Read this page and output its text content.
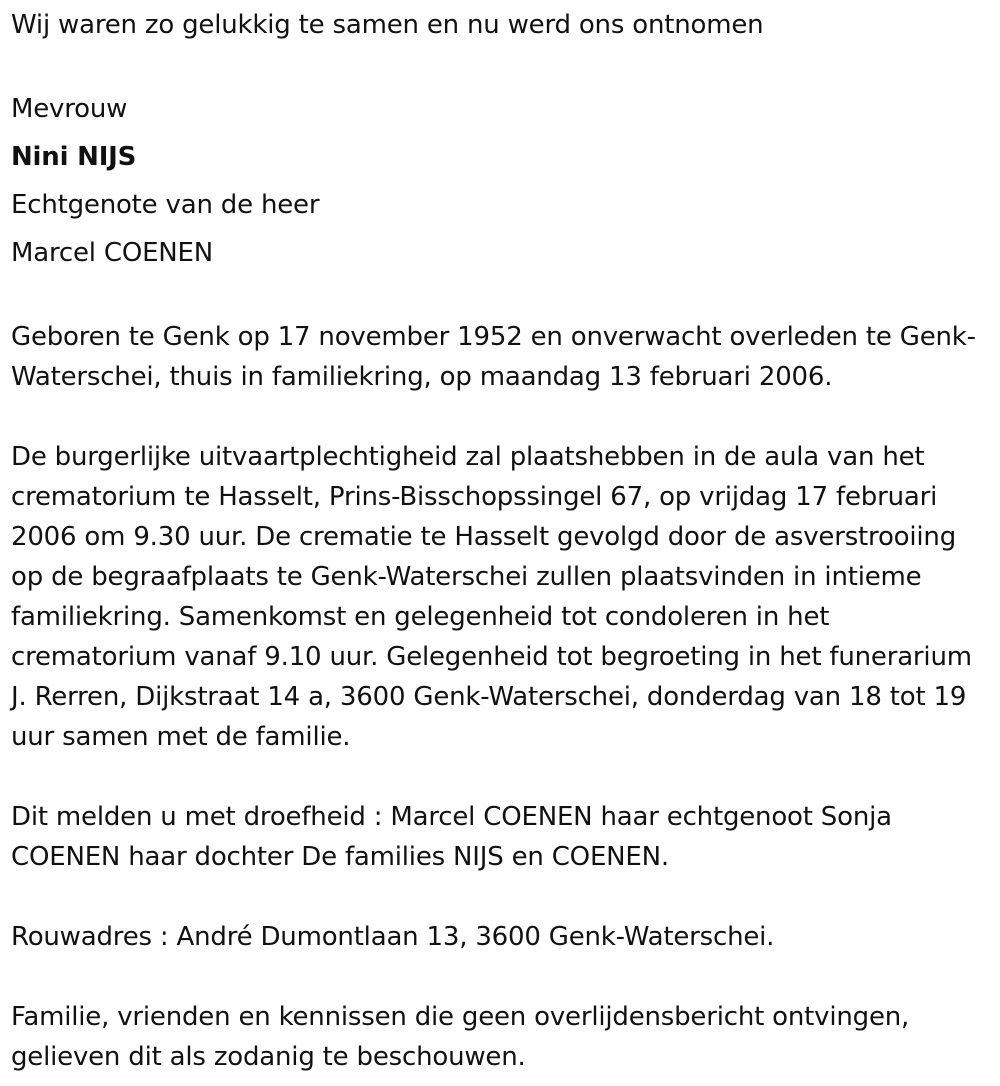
Wij waren zo gelukkig te samen en nu werd ons ontnomen

Mevrouw

Nini NIJS

Echtgenote van de heer

Marcel COENEN

Geboren te Genk op 17 november 1952 en onverwacht overleden te Genk-Waterschei, thuis in familiekring, op maandag 13 februari 2006.

De burgerlijke uitvaartplechtigheid zal plaatshebben in de aula van het crematorium te Hasselt, Prins-Bisschopssingel 67, op vrijdag 17 februari 2006 om 9.30 uur. De crematie te Hasselt gevolgd door de asverstrooiing op de begraafplaats te Genk-Waterschei zullen plaatsvinden in intieme familiekring. Samenkomst en gelegenheid tot condoleren in het crematorium vanaf 9.10 uur. Gelegenheid tot begroeting in het funerarium J. Rerren, Dijkstraat 14 a, 3600 Genk-Waterschei, donderdag van 18 tot 19 uur samen met de familie.

Dit melden u met droefheid : Marcel COENEN haar echtgenoot Sonja COENEN haar dochter De families NIJS en COENEN.

Rouwadres : André Dumontlaan 13, 3600 Genk-Waterschei.

Familie, vrienden en kennissen die geen overlijdensbericht ontvingen, gelieven dit als zodanig te beschouwen.
